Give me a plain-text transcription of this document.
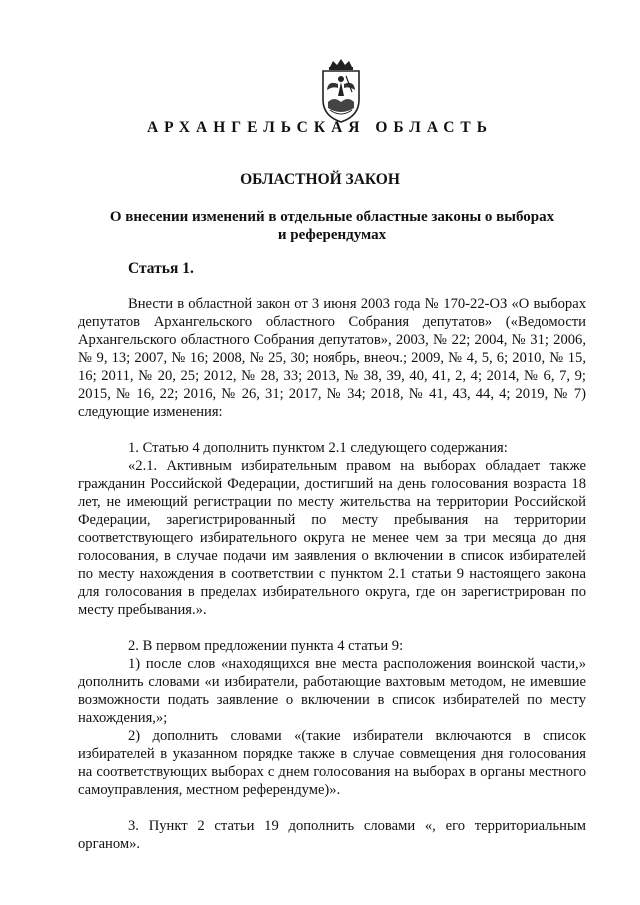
АРХАНГЕЛЬСКАЯ ОБЛАСТЬ
ОБЛАСТНОЙ ЗАКОН
О внесении изменений в отдельные областные законы о выборах
и референдумах
Статья 1.

Внести в областной закон от 3 июня 2003 года № 170-22-ОЗ «О выборах депутатов Архангельского областного Собрания депутатов» («Ведомости Архангельского областного Собрания депутатов», 2003, № 22; 2004, № 31; 2006, № 9, 13; 2007, № 16; 2008, № 25, 30; ноябрь, внеоч.; 2009, № 4, 5, 6; 2010, № 15, 16; 2011, № 20, 25; 2012, № 28, 33; 2013, № 38, 39, 40, 41, 2, 4; 2014, № 6, 7, 9; 2015, № 16, 22; 2016, № 26, 31; 2017, № 34; 2018, № 41, 43, 44, 4; 2019, № 7) следующие изменения:

1. Статью 4 дополнить пунктом 2.1 следующего содержания:

«2.1. Активным избирательным правом на выборах обладает также гражданин Российской Федерации, достигший на день голосования возраста 18 лет, не имеющий регистрации по месту жительства на территории Российской Федерации, зарегистрированный по месту пребывания на территории соответствующего избирательного округа не менее чем за три месяца до дня голосования, в случае подачи им заявления о включении в список избирателей по месту нахождения в соответствии с пунктом 2.1 статьи 9 настоящего закона для голосования в пределах избирательного округа, где он зарегистрирован по месту пребывания.».

2. В первом предложении пункта 4 статьи 9:

1) после слов «находящихся вне места расположения воинской части,» дополнить словами «и избиратели, работающие вахтовым методом, не имевшие возможности подать заявление о включении в список избирателей по месту нахождения,»;

2) дополнить словами «(такие избиратели включаются в список избирателей в указанном порядке также в случае совмещения дня голосования на соответствующих выборах с днем голосования на выборах в органы местного самоуправления, местном референдуме)».

3. Пункт 2 статьи 19 дополнить словами «, его территориальным органом».
